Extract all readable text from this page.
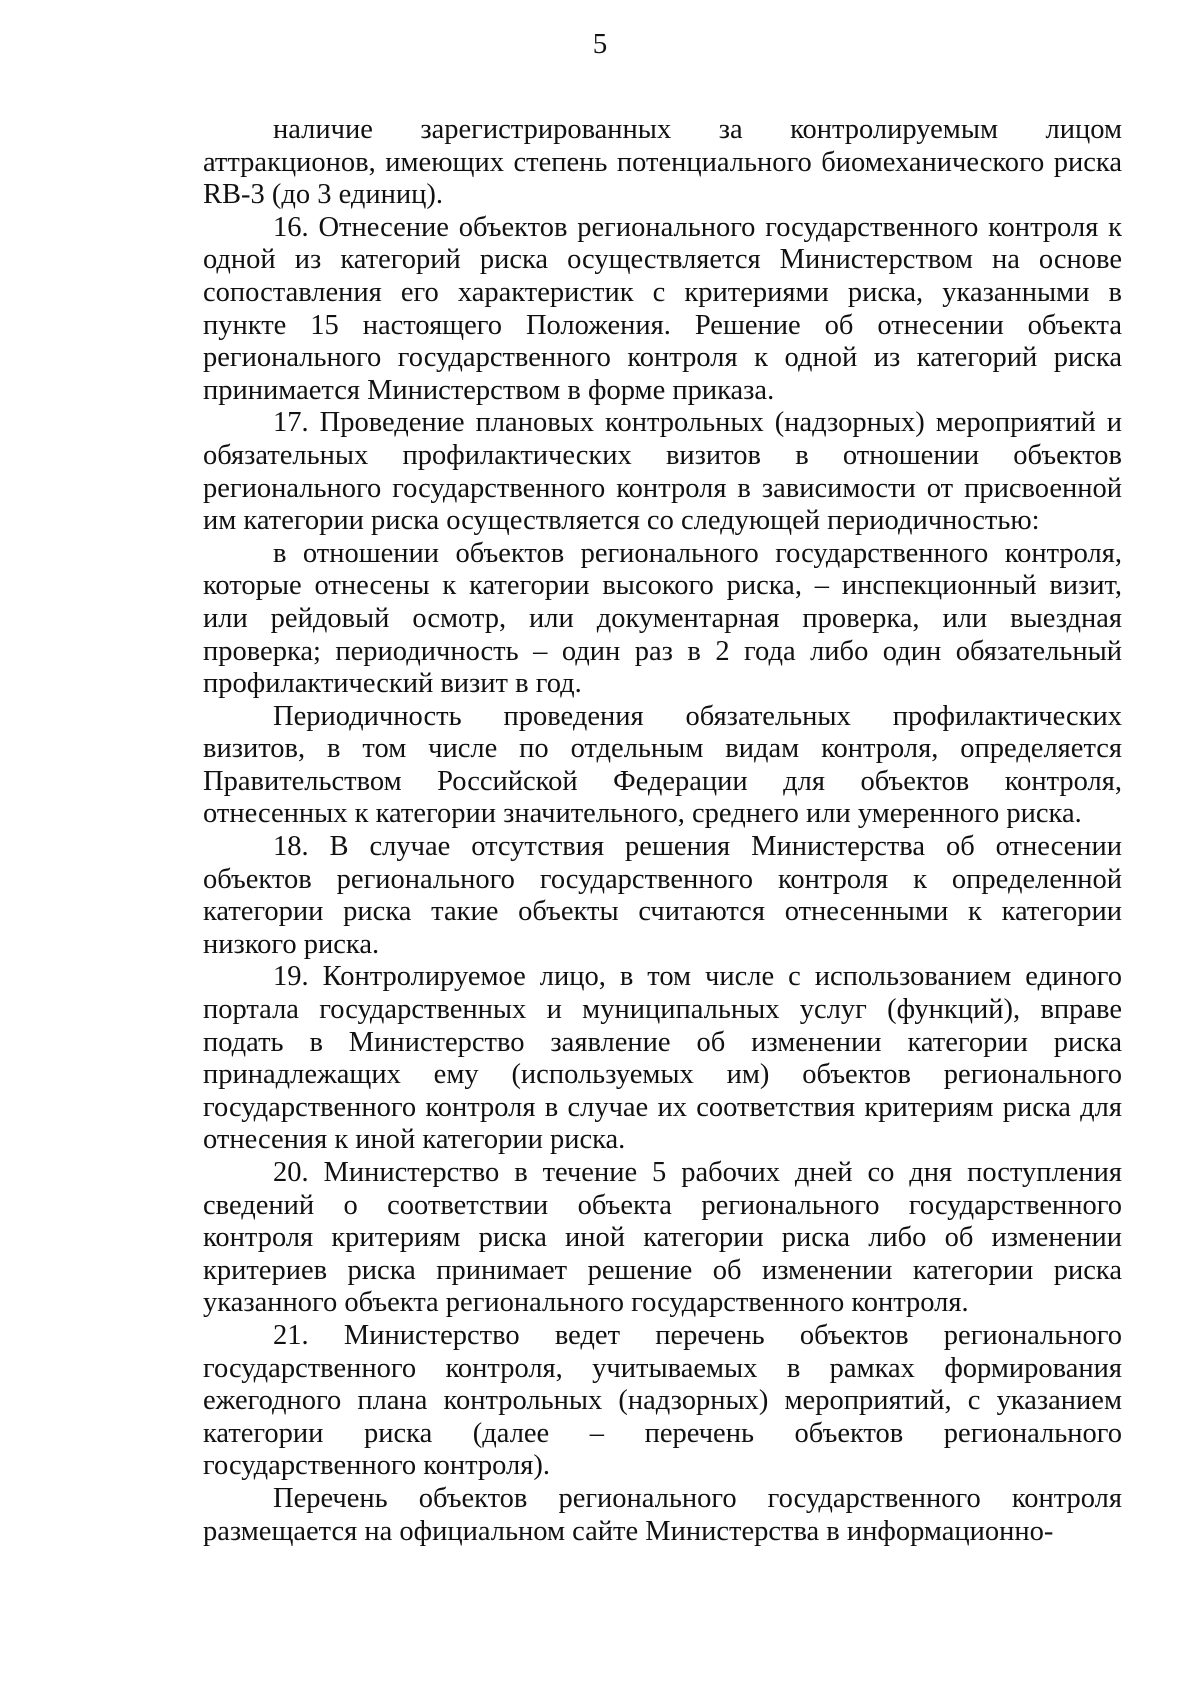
5

наличие зарегистрированных за контролируемым лицом аттракционов, имеющих степень потенциального биомеханического риска RB-3 (до 3 единиц).

16. Отнесение объектов регионального государственного контроля к одной из категорий риска осуществляется Министерством на основе сопоставления его характеристик с критериями риска, указанными в пункте 15 настоящего Положения. Решение об отнесении объекта регионального государственного контроля к одной из категорий риска принимается Министерством в форме приказа.

17. Проведение плановых контрольных (надзорных) мероприятий и обязательных профилактических визитов в отношении объектов регионального государственного контроля в зависимости от присвоенной им категории риска осуществляется со следующей периодичностью:

в отношении объектов регионального государственного контроля, которые отнесены к категории высокого риска, – инспекционный визит, или рейдовый осмотр, или документарная проверка, или выездная проверка; периодичность – один раз в 2 года либо один обязательный профилактический визит в год.

Периодичность проведения обязательных профилактических визитов, в том числе по отдельным видам контроля, определяется Правительством Российской Федерации для объектов контроля, отнесенных к категории значительного, среднего или умеренного риска.

18. В случае отсутствия решения Министерства об отнесении объектов регионального государственного контроля к определенной категории риска такие объекты считаются отнесенными к категории низкого риска.

19. Контролируемое лицо, в том числе с использованием единого портала государственных и муниципальных услуг (функций), вправе подать в Министерство заявление об изменении категории риска принадлежащих ему (используемых им) объектов регионального государственного контроля в случае их соответствия критериям риска для отнесения к иной категории риска.

20. Министерство в течение 5 рабочих дней со дня поступления сведений о соответствии объекта регионального государственного контроля критериям риска иной категории риска либо об изменении критериев риска принимает решение об изменении категории риска указанного объекта регионального государственного контроля.

21. Министерство ведет перечень объектов регионального государственного контроля, учитываемых в рамках формирования ежегодного плана контрольных (надзорных) мероприятий, с указанием категории риска (далее – перечень объектов регионального государственного контроля).

Перечень объектов регионального государственного контроля размещается на официальном сайте Министерства в информационно-
